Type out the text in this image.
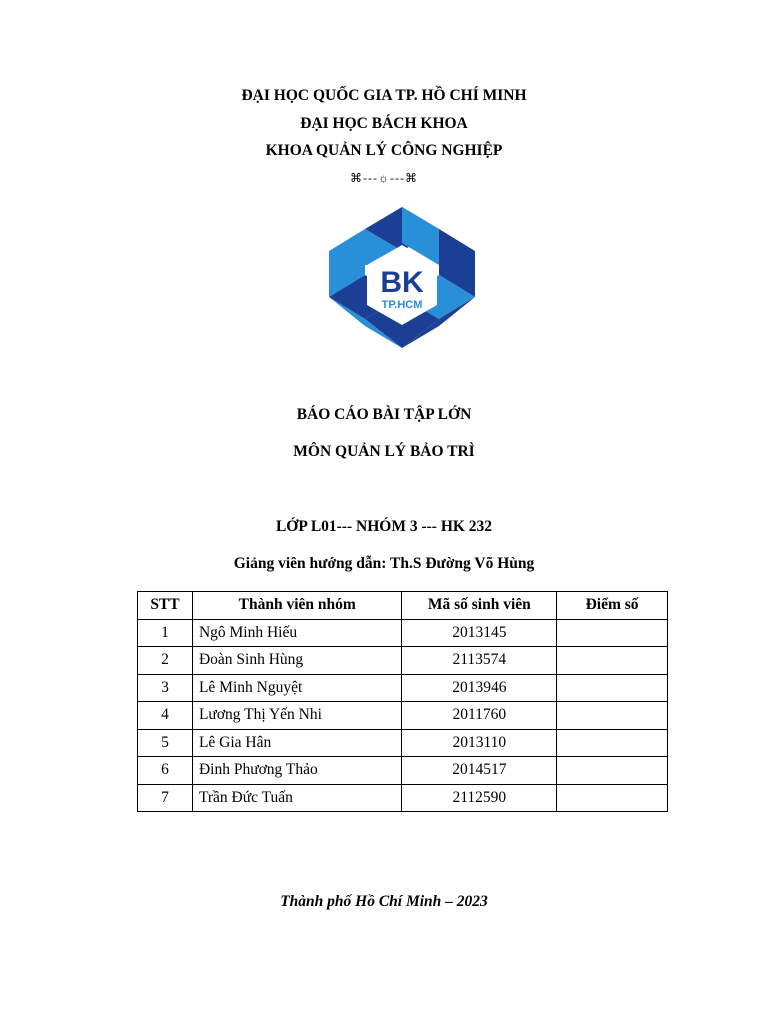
ĐẠI HỌC QUỐC GIA TP. HỒ CHÍ MINH
ĐẠI HỌC BÁCH KHOA
KHOA QUẢN LÝ CÔNG NGHIỆP
⌘---☼---⌘
BK
TP.HCM
BÁO CÁO BÀI TẬP LỚN
MÔN QUẢN LÝ BẢO TRÌ
LỚP L01--- NHÓM 3 --- HK 232
Giảng viên hướng dẫn: Th.S Đường Võ Hùng
STT	Thành viên nhóm	Mã số sinh viên	Điểm số
1	Ngô Minh Hiếu	2013145	
2	Đoàn Sinh Hùng	2113574	
3	Lê Minh Nguyệt	2013946	
4	Lương Thị Yến Nhi	2011760	
5	Lê Gia Hân	2013110	
6	Đinh Phương Thảo	2014517	
7	Trần Đức Tuấn	2112590	
Thành phố Hồ Chí Minh – 2023
